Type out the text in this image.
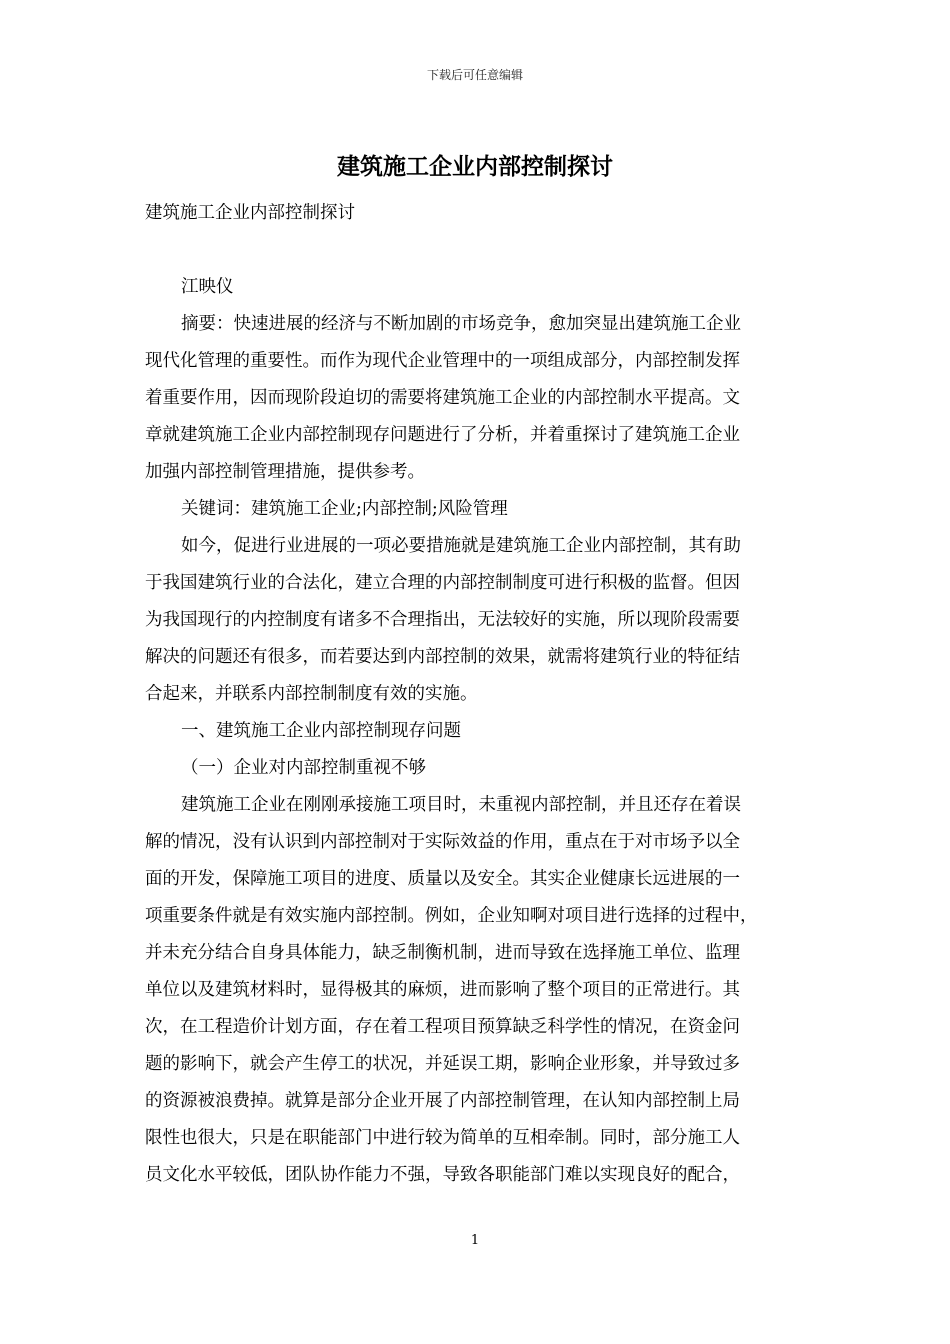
下载后可任意编辑
建筑施工企业内部控制探讨

建筑施工企业内部控制探讨

江映仪

摘要：快速进展的经济与不断加剧的市场竞争，愈加突显出建筑施工企业

现代化管理的重要性。而作为现代企业管理中的一项组成部分，内部控制发挥

着重要作用，因而现阶段迫切的需要将建筑施工企业的内部控制水平提高。文

章就建筑施工企业内部控制现存问题进行了分析，并着重探讨了建筑施工企业

加强内部控制管理措施，提供参考。

关键词：建筑施工企业;内部控制;风险管理

如今，促进行业进展的一项必要措施就是建筑施工企业内部控制，其有助

于我国建筑行业的合法化，建立合理的内部控制制度可进行积极的监督。但因

为我国现行的内控制度有诸多不合理指出，无法较好的实施，所以现阶段需要

解决的问题还有很多，而若要达到内部控制的效果，就需将建筑行业的特征结

合起来，并联系内部控制制度有效的实施。

一、建筑施工企业内部控制现存问题

（一）企业对内部控制重视不够

建筑施工企业在刚刚承接施工项目时，未重视内部控制，并且还存在着误

解的情况，没有认识到内部控制对于实际效益的作用，重点在于对市场予以全

面的开发，保障施工项目的进度、质量以及安全。其实企业健康长远进展的一

项重要条件就是有效实施内部控制。例如，企业知啊对项目进行选择的过程中，

并未充分结合自身具体能力，缺乏制衡机制，进而导致在选择施工单位、监理

单位以及建筑材料时，显得极其的麻烦，进而影响了整个项目的正常进行。其

次，在工程造价计划方面，存在着工程项目预算缺乏科学性的情况，在资金问

题的影响下，就会产生停工的状况，并延误工期，影响企业形象，并导致过多

的资源被浪费掉。就算是部分企业开展了内部控制管理，在认知内部控制上局

限性也很大，只是在职能部门中进行较为简单的互相牵制。同时，部分施工人

员文化水平较低，团队协作能力不强，导致各职能部门难以实现良好的配合，

1
